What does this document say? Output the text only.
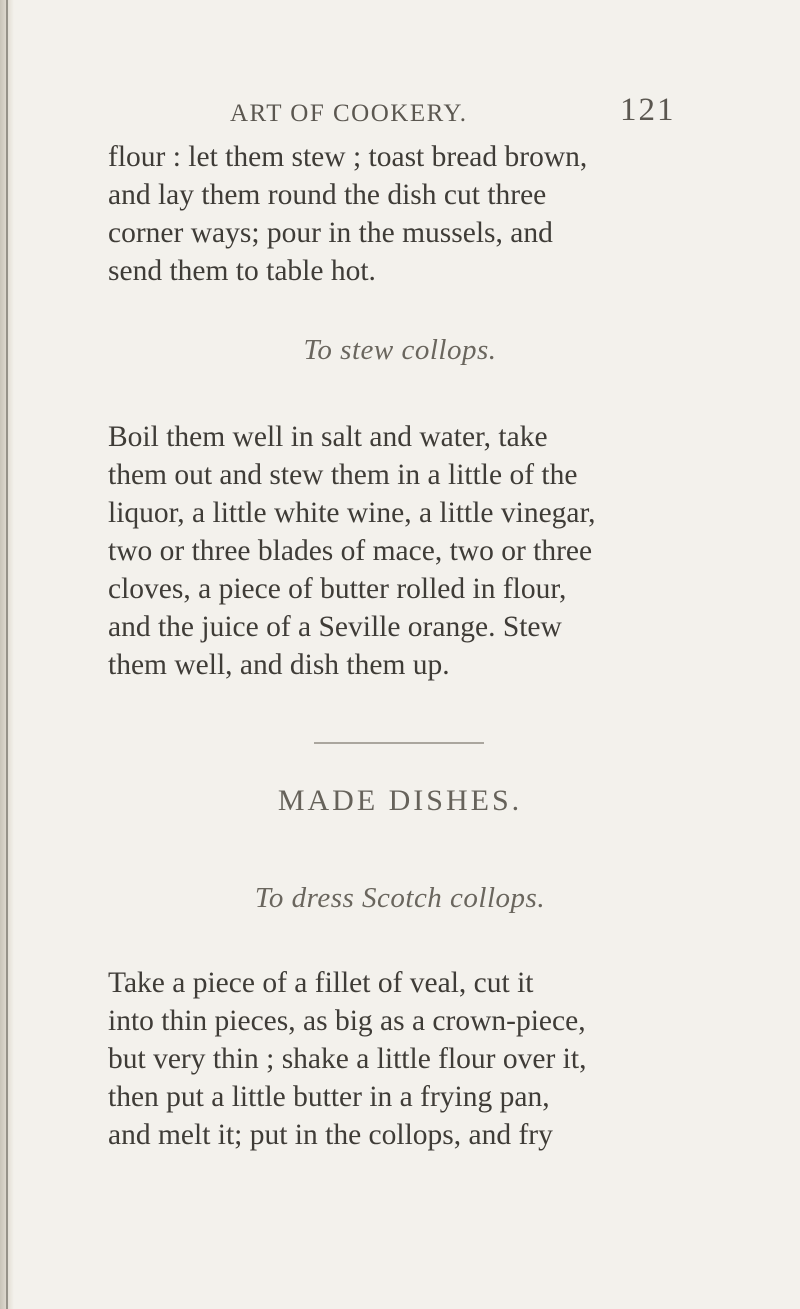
ART OF COOKERY.	121

flour : let them stew ; toast bread brown,
and lay them round the dish cut three
corner ways; pour in the mussels, and
send them to table hot.

To stew collops.

Boil them well in salt and water, take
them out and stew them in a little of the
liquor, a little white wine, a little vinegar,
two or three blades of mace, two or three
cloves, a piece of butter rolled in flour,
and the juice of a Seville orange. Stew
them well, and dish them up.

MADE DISHES.
To dress Scotch collops.

Take a piece of a fillet of veal, cut it
into thin pieces, as big as a crown-piece,
but very thin ; shake a little flour over it,
then put a little butter in a frying pan,
and melt it; put in the collops, and fry
